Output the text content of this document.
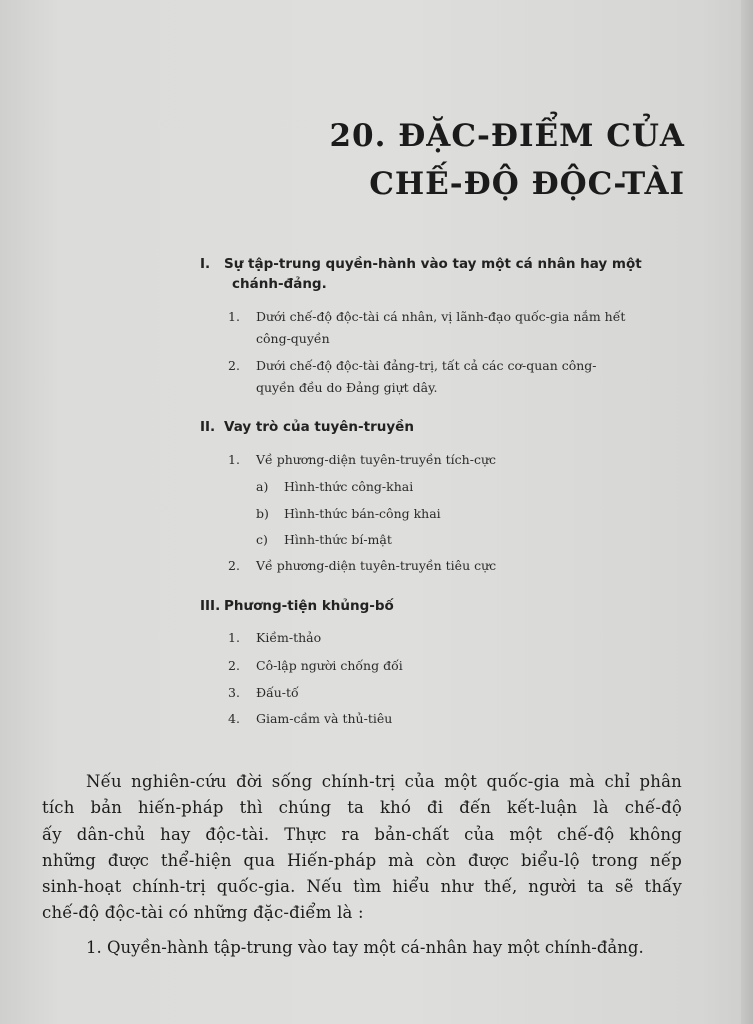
20. ĐẶC-ĐIỂM CỦA
CHẾ-ĐỘ ĐỘC-TÀI
I. Sự tập-trung quyền-hành vào tay một cá nhân hay một
chánh-đảng.
1. Dưới chế-độ độc-tài cá nhân, vị lãnh-đạo quốc-gia nắm hết
công-quyền
2. Dưới chế-độ độc-tài đảng-trị, tất cả các cơ-quan công-
quyền đều do Đảng giựt dây.
II. Vay trò của tuyên-truyền
1. Về phương-diện tuyên-truyền tích-cực
a) Hình-thức công-khai
b) Hình-thức bán-công khai
c) Hình-thức bí-mật
2. Về phương-diện tuyên-truyền tiêu cực
III. Phương-tiện khủng-bố
1. Kiềm-thảo
2. Cô-lập người chống đối
3. Đấu-tố
4. Giam-cầm và thủ-tiêu
Nếu nghiên-cứu đời sống chính-trị của một quốc-gia mà chỉ phân
tích bản hiến-pháp thì chúng ta khó đi đến kết-luận là chế-độ
ấy dân-chủ hay độc-tài. Thực ra bản-chất của một chế-độ không
những được thể-hiện qua Hiến-pháp mà còn được biểu-lộ trong nếp
sinh-hoạt chính-trị quốc-gia. Nếu tìm hiểu như thế, người ta sẽ thấy
chế-độ độc-tài có những đặc-điểm là :
1. Quyền-hành tập-trung vào tay một cá-nhân hay một chính-đảng.
